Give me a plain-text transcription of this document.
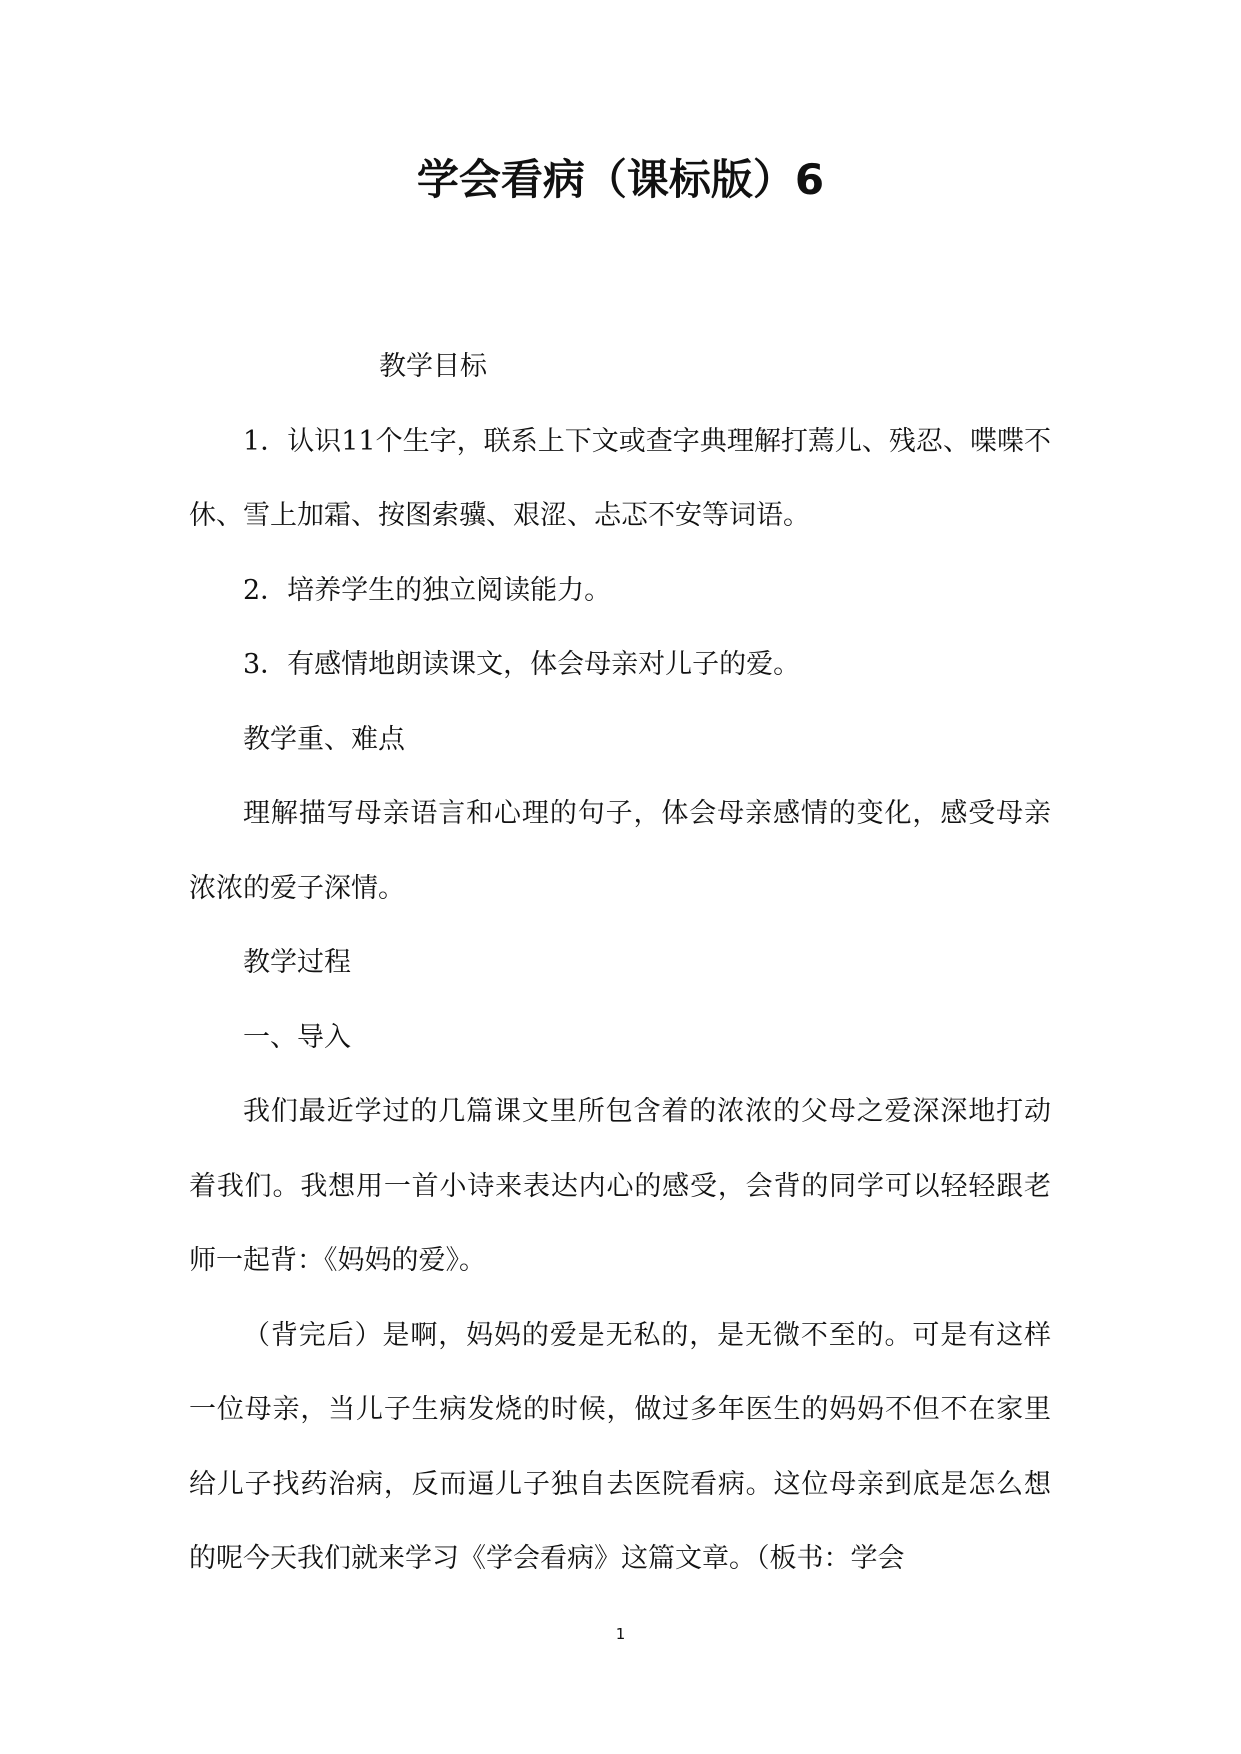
学会看病（课标版）6

教学目标

1．认识11个生字，联系上下文或查字典理解打蔫儿、残忍、喋喋不休、雪上加霜、按图索骥、艰涩、忐忑不安等词语。

2．培养学生的独立阅读能力。

3．有感情地朗读课文，体会母亲对儿子的爱。

教学重、难点

理解描写母亲语言和心理的句子，体会母亲感情的变化，感受母亲浓浓的爱子深情。

教学过程

一、导入

我们最近学过的几篇课文里所包含着的浓浓的父母之爱深深地打动着我们。我想用一首小诗来表达内心的感受，会背的同学可以轻轻跟老师一起背：《妈妈的爱》。

（背完后）是啊，妈妈的爱是无私的，是无微不至的。可是有这样一位母亲，当儿子生病发烧的时候，做过多年医生的妈妈不但不在家里给儿子找药治病，反而逼儿子独自去医院看病。这位母亲到底是怎么想的呢今天我们就来学习《学会看病》这篇文章。（板书：学会

1
